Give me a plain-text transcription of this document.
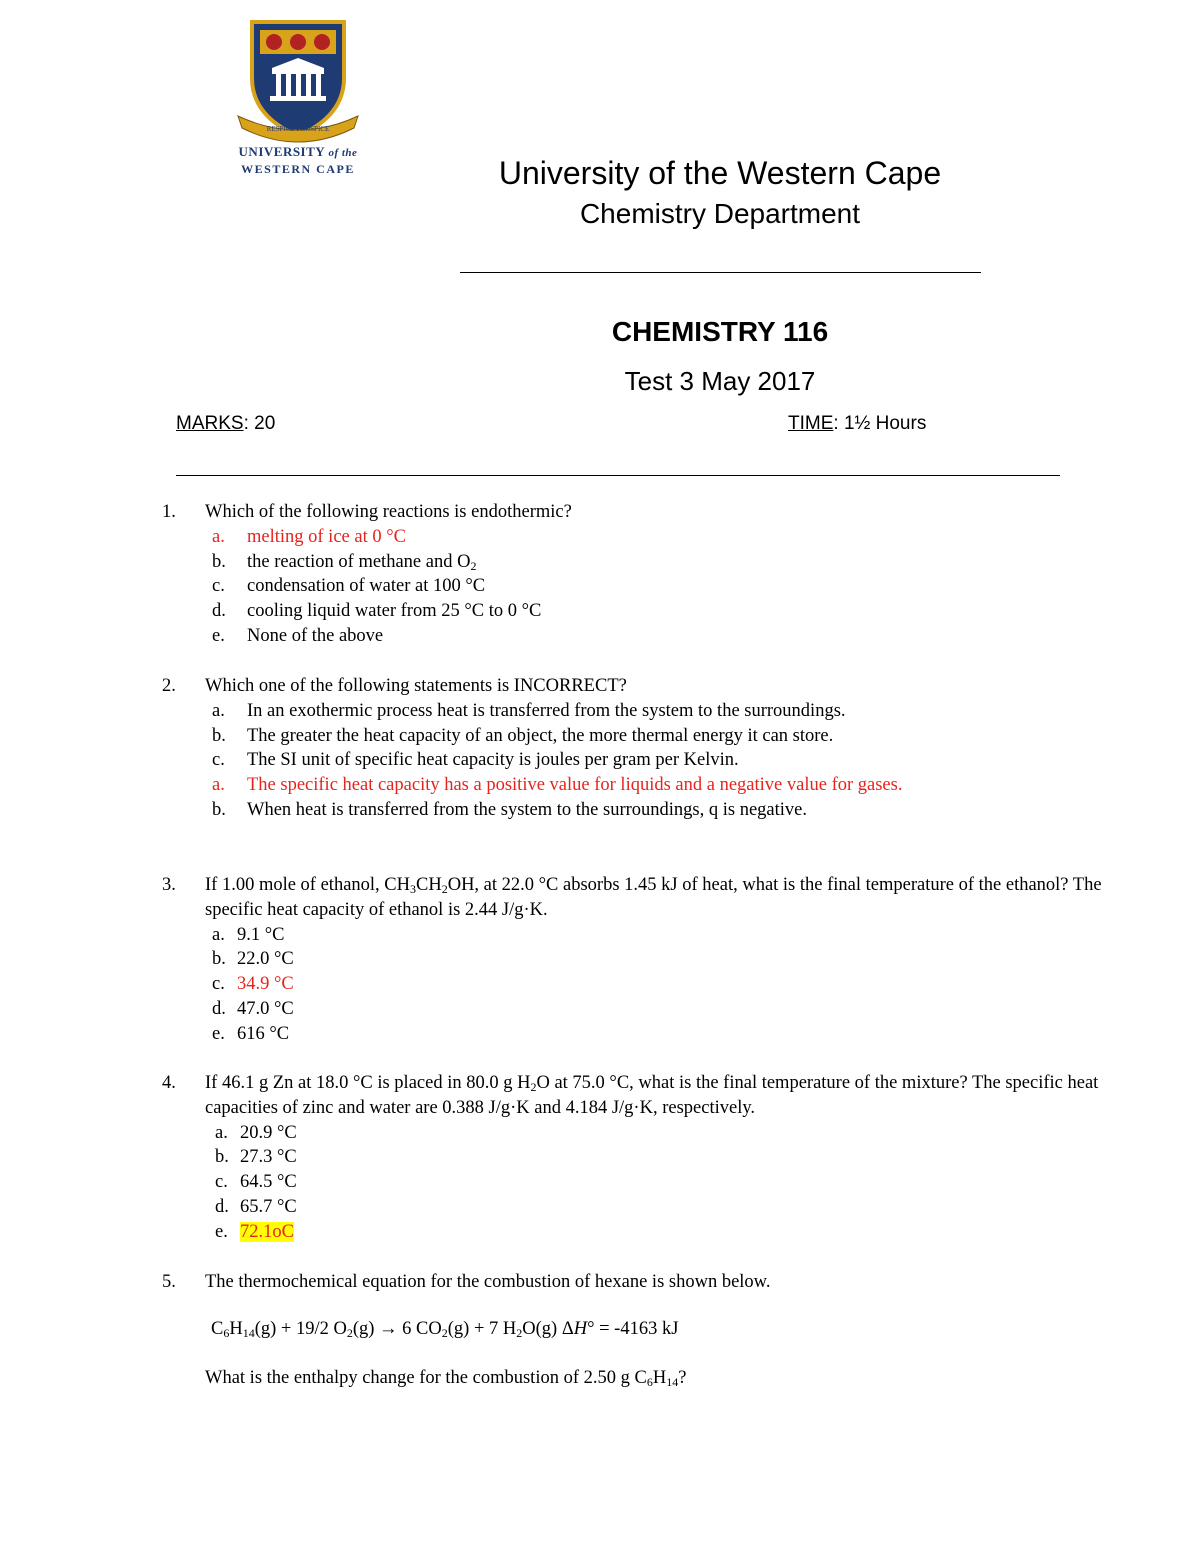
RESPICE PROSPICE
UNIVERSITY of the
WESTERN CAPE	University of the Western Cape
Chemistry Department
CHEMISTRY 116
Test 3 May 2017
MARKS: 20	TIME: 1½ Hours
1. Which of the following reactions is endothermic?
a. melting of ice at 0 °C
b. the reaction of methane and $O_2$
c. condensation of water at 100 °C
d. cooling liquid water from 25 °C to 0 °C
e. None of the above
2. Which one of the following statements is INCORRECT?
a. In an exothermic process heat is transferred from the system to the surroundings.
b. The greater the heat capacity of an object, the more thermal energy it can store.
c. The SI unit of specific heat capacity is joules per gram per Kelvin.
a. The specific heat capacity has a positive value for liquids and a negative value for gases.
b. When heat is transferred from the system to the surroundings, q is negative.
3. If 1.00 mole of ethanol, $CH_3CH_2OH$, at 22.0 °C absorbs 1.45 kJ of heat, what is the final temperature of the ethanol? The specific heat capacity of ethanol is 2.44 J/g·K.
a. 9.1 °C
b. 22.0 °C
c. 34.9 °C
d. 47.0 °C
e. 616 °C
4. If 46.1 g Zn at 18.0 °C is placed in 80.0 g $H_2O$ at 75.0 °C, what is the final temperature of the mixture? The specific heat capacities of zinc and water are 0.388 J/g·K and 4.184 J/g·K, respectively.
a. 20.9 °C
b. 27.3 °C
c. 64.5 °C
d. 65.7 °C
e. 72.1oC
5. The thermochemical equation for the combustion of hexane is shown below.
$C_6H_{14}(g) + 19/2$ $O_2(g) \to 6$ $CO_2(g) + 7$ $H_2O(g) \Delta H^\circ = -4163$ kJ
What is the enthalpy change for the combustion of 2.50 g $C_6H_{14}$?
